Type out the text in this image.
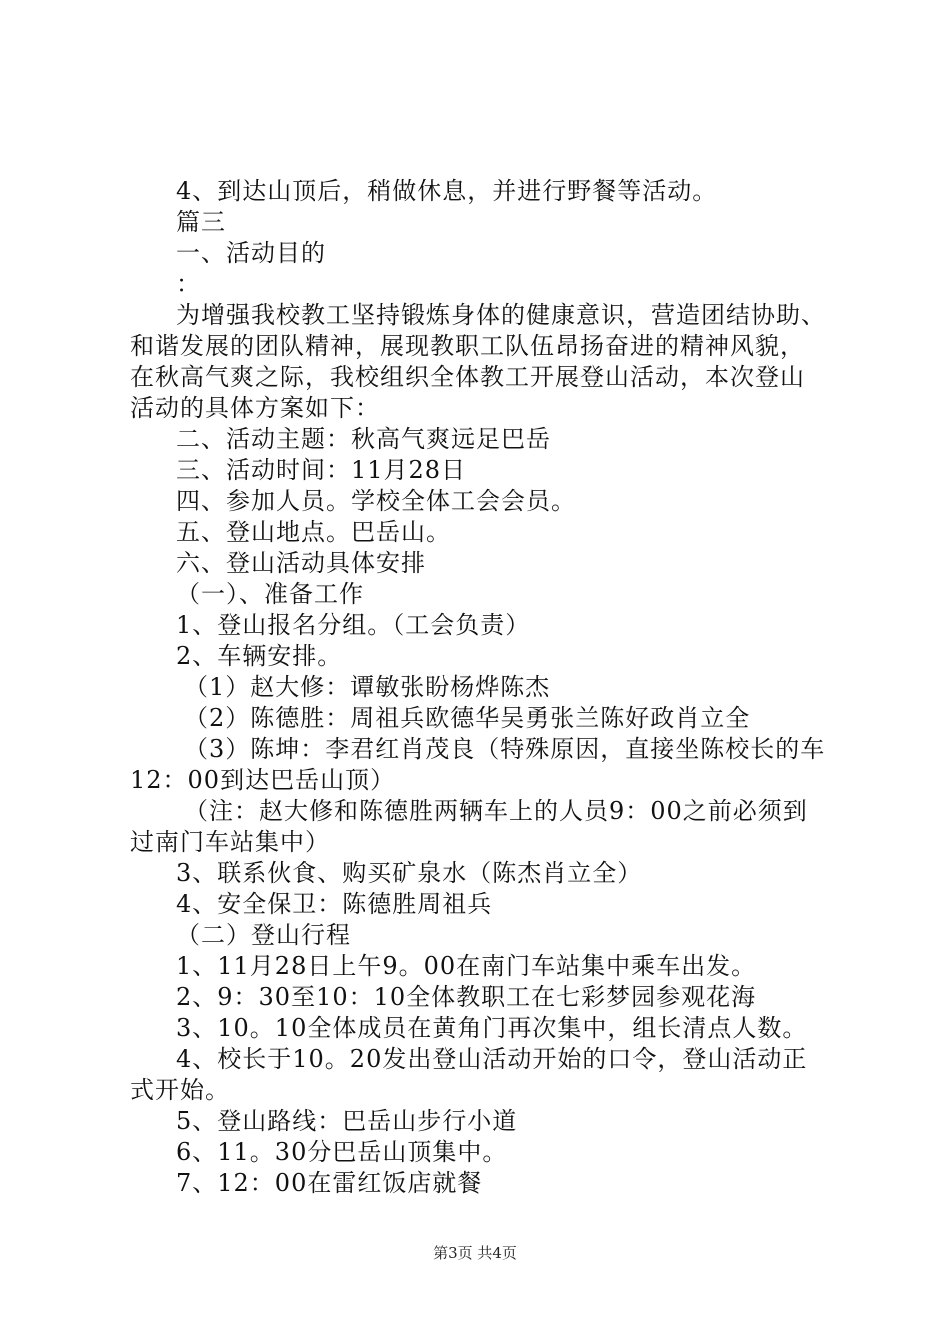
4、到达山顶后，稍做休息，并进行野餐等活动。
篇三
一、活动目的
：
为增强我校教工坚持锻炼身体的健康意识，营造团结协助、
和谐发展的团队精神，展现教职工队伍昂扬奋进的精神风貌，
在秋高气爽之际，我校组织全体教工开展登山活动，本次登山
活动的具体方案如下：
二、活动主题：秋高气爽远足巴岳
三、活动时间：11月28日
四、参加人员。学校全体工会会员。
五、登山地点。巴岳山。
六、登山活动具体安排
（一）、准备工作
1、登山报名分组。（工会负责）
2、车辆安排。
（1）赵大修：谭敏张盼杨烨陈杰
（2）陈德胜：周祖兵欧德华吴勇张兰陈好政肖立全
（3）陈坤：李君红肖茂良（特殊原因，直接坐陈校长的车
12：00到达巴岳山顶）
（注：赵大修和陈德胜两辆车上的人员9：00之前必须到
过南门车站集中）
3、联系伙食、购买矿泉水（陈杰肖立全）
4、安全保卫：陈德胜周祖兵
（二）登山行程
1、11月28日上午9。00在南门车站集中乘车出发。
2、9：30至10：10全体教职工在七彩梦园参观花海
3、10。10全体成员在黄角门再次集中，组长清点人数。
4、校长于10。20发出登山活动开始的口令，登山活动正
式开始。
5、登山路线：巴岳山步行小道
6、11。30分巴岳山顶集中。
7、12：00在雷红饭店就餐
第3页 共4页
